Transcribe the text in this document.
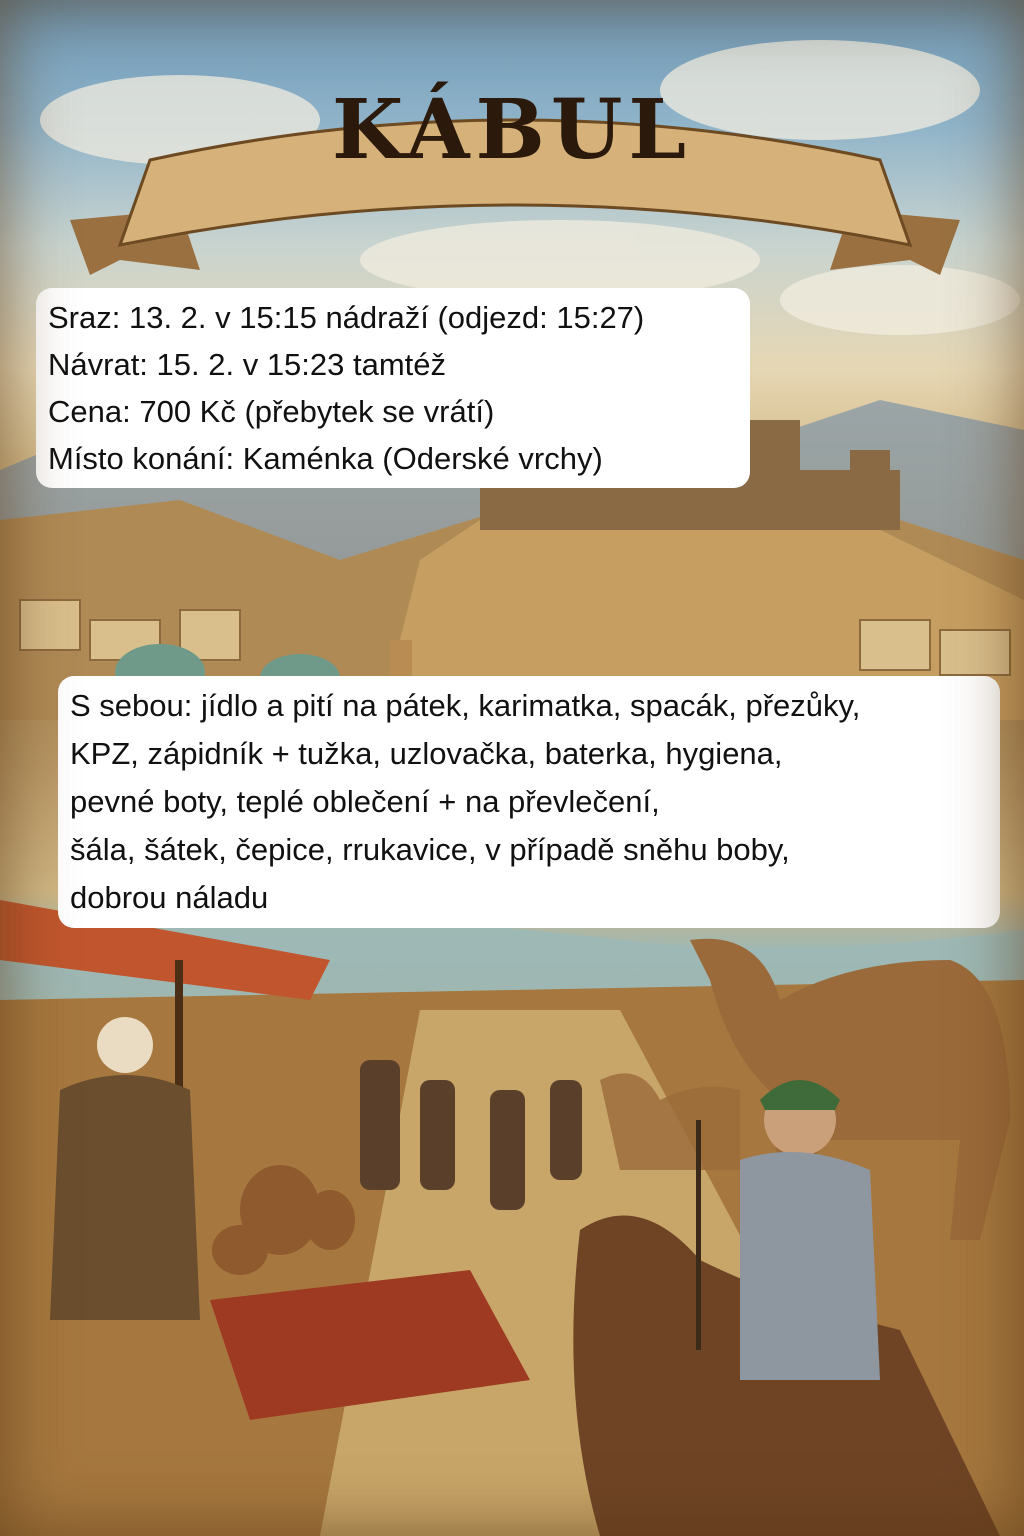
KÁBUL
Sraz: 13. 2. v 15:15 nádraží (odjezd: 15:27)
Návrat: 15. 2. v 15:23 tamtéž
Cena: 700 Kč (přebytek se vrátí)
Místo konání: Kaménka (Oderské vrchy)
S sebou: jídlo a pití na pátek, karimatka, spacák, přezůky,
KPZ, zápidník + tužka, uzlovačka, baterka, hygiena,
pevné boty, teplé oblečení + na převlečení,
šála, šátek, čepice, rrukavice, v případě sněhu boby,
dobrou náladu
